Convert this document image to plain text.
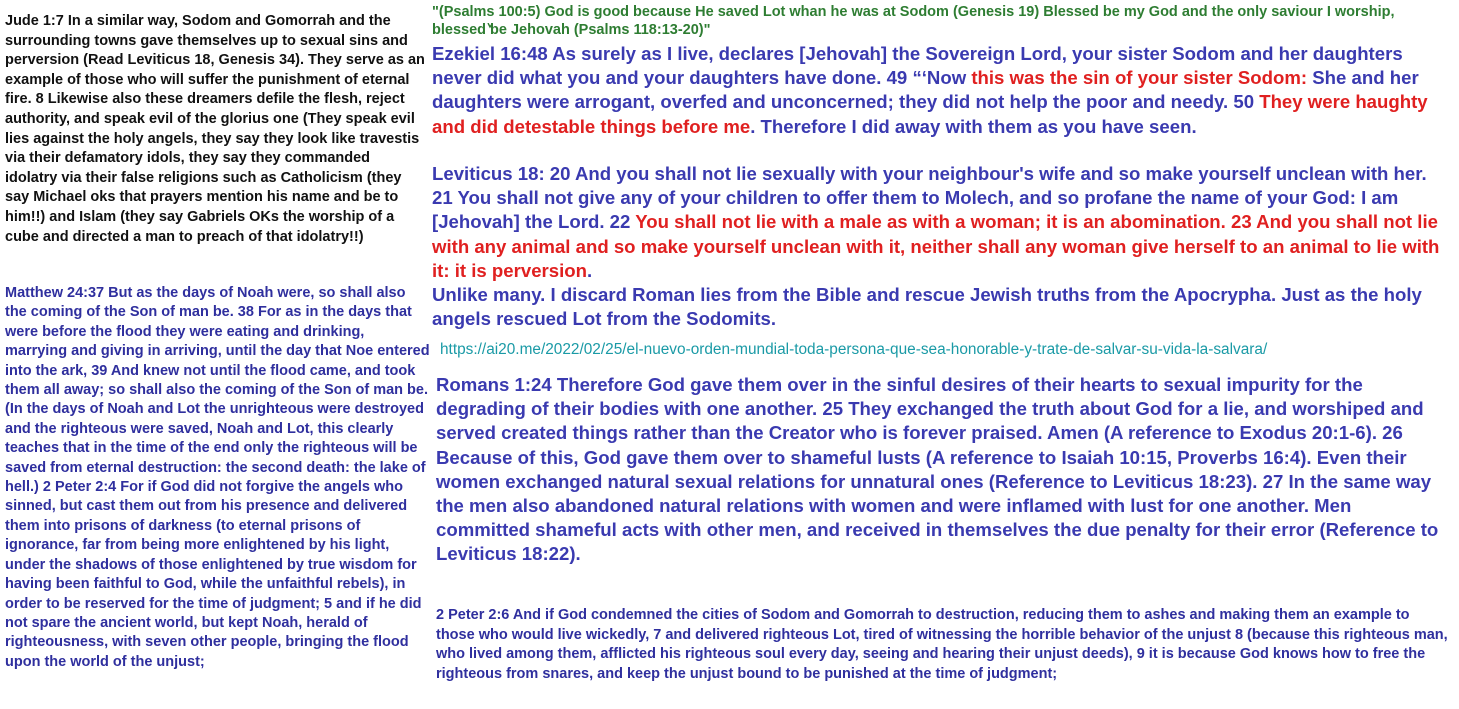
Jude 1:7 In a similar way, Sodom and Gomorrah and the surrounding towns gave themselves up to sexual sins and perversion (Read Leviticus 18, Genesis 34). They serve as an example of those who will suffer the punishment of eternal fire. 8 Likewise also these dreamers defile the flesh, reject authority, and speak evil of the glorius one (They speak evil lies against the holy angels, they say they look like travestis via their defamatory idols, they say they commanded idolatry via their false religions such as Catholicism (they say Michael oks that prayers mention his name and be to him!!) and Islam (they say Gabriels OKs the worship of a cube and directed a man to preach of that idolatry!!)

"(Psalms 100:5) God is good because He saved Lot whan he was at Sodom (Genesis 19) Blessed be my God and the only saviour I worship, blessed be Jehovah (Psalms 118:13-20)"

Ezekiel 16:48 As surely as I live, declares [Jehovah] the Sovereign Lord, your sister Sodom and her daughters never did what you and your daughters have done. 49 “‘Now this was the sin of your sister Sodom: She and her daughters were arrogant, overfed and unconcerned; they did not help the poor and needy. 50 They were haughty and did detestable things before me. Therefore I did away with them as you have seen.

Leviticus 18: 20 And you shall not lie sexually with your neighbour's wife and so make yourself unclean with her. 21 You shall not give any of your children to offer them to Molech, and so profane the name of your God: I am [Jehovah] the Lord. 22 You shall not lie with a male as with a woman; it is an abomination. 23 And you shall not lie with any animal and so make yourself unclean with it, neither shall any woman give herself to an animal to lie with it: it is perversion.

Unlike many. I discard Roman lies from the Bible and rescue Jewish truths from the Apocrypha. Just as the holy angels rescued Lot from the Sodomits.

https://ai20.me/2022/02/25/el-nuevo-orden-mundial-toda-persona-que-sea-honorable-y-trate-de-salvar-su-vida-la-salvara/

Romans 1:24 Therefore God gave them over in the sinful desires of their hearts to sexual impurity for the degrading of their bodies with one another. 25 They exchanged the truth about God for a lie, and worshiped and served created things rather than the Creator who is forever praised. Amen (A reference to Exodus 20:1-6). 26 Because of this, God gave them over to shameful lusts (A reference to Isaiah 10:15, Proverbs 16:4). Even their women exchanged natural sexual relations for unnatural ones (Reference to Leviticus 18:23). 27 In the same way the men also abandoned natural relations with women and were inflamed with lust for one another. Men committed shameful acts with other men, and received in themselves the due penalty for their error (Reference to Leviticus 18:22).

Matthew 24:37 But as the days of Noah were, so shall also the coming of the Son of man be. 38 For as in the days that were before the flood they were eating and drinking, marrying and giving in arriving, until the day that Noe entered into the ark, 39 And knew not until the flood came, and took them all away; so shall also the coming of the Son of man be. (In the days of Noah and Lot the unrighteous were destroyed and the righteous were saved, Noah and Lot, this clearly teaches that in the time of the end only the righteous will be saved from eternal destruction: the second death: the lake of hell.) 2 Peter 2:4 For if God did not forgive the angels who sinned, but cast them out from his presence and delivered them into prisons of darkness (to eternal prisons of ignorance, far from being more enlightened by his light, under the shadows of those enlightened by true wisdom for having been faithful to God, while the unfaithful rebels), in order to be reserved for the time of judgment; 5 and if he did not spare the ancient world, but kept Noah, herald of righteousness, with seven other people, bringing the flood upon the world of the unjust;

2 Peter 2:6 And if God condemned the cities of Sodom and Gomorrah to destruction, reducing them to ashes and making them an example to those who would live wickedly, 7 and delivered righteous Lot, tired of witnessing the horrible behavior of the unjust 8 (because this righteous man, who lived among them, afflicted his righteous soul every day, seeing and hearing their unjust deeds), 9 it is because God knows how to free the righteous from snares, and keep the unjust bound to be punished at the time of judgment;
